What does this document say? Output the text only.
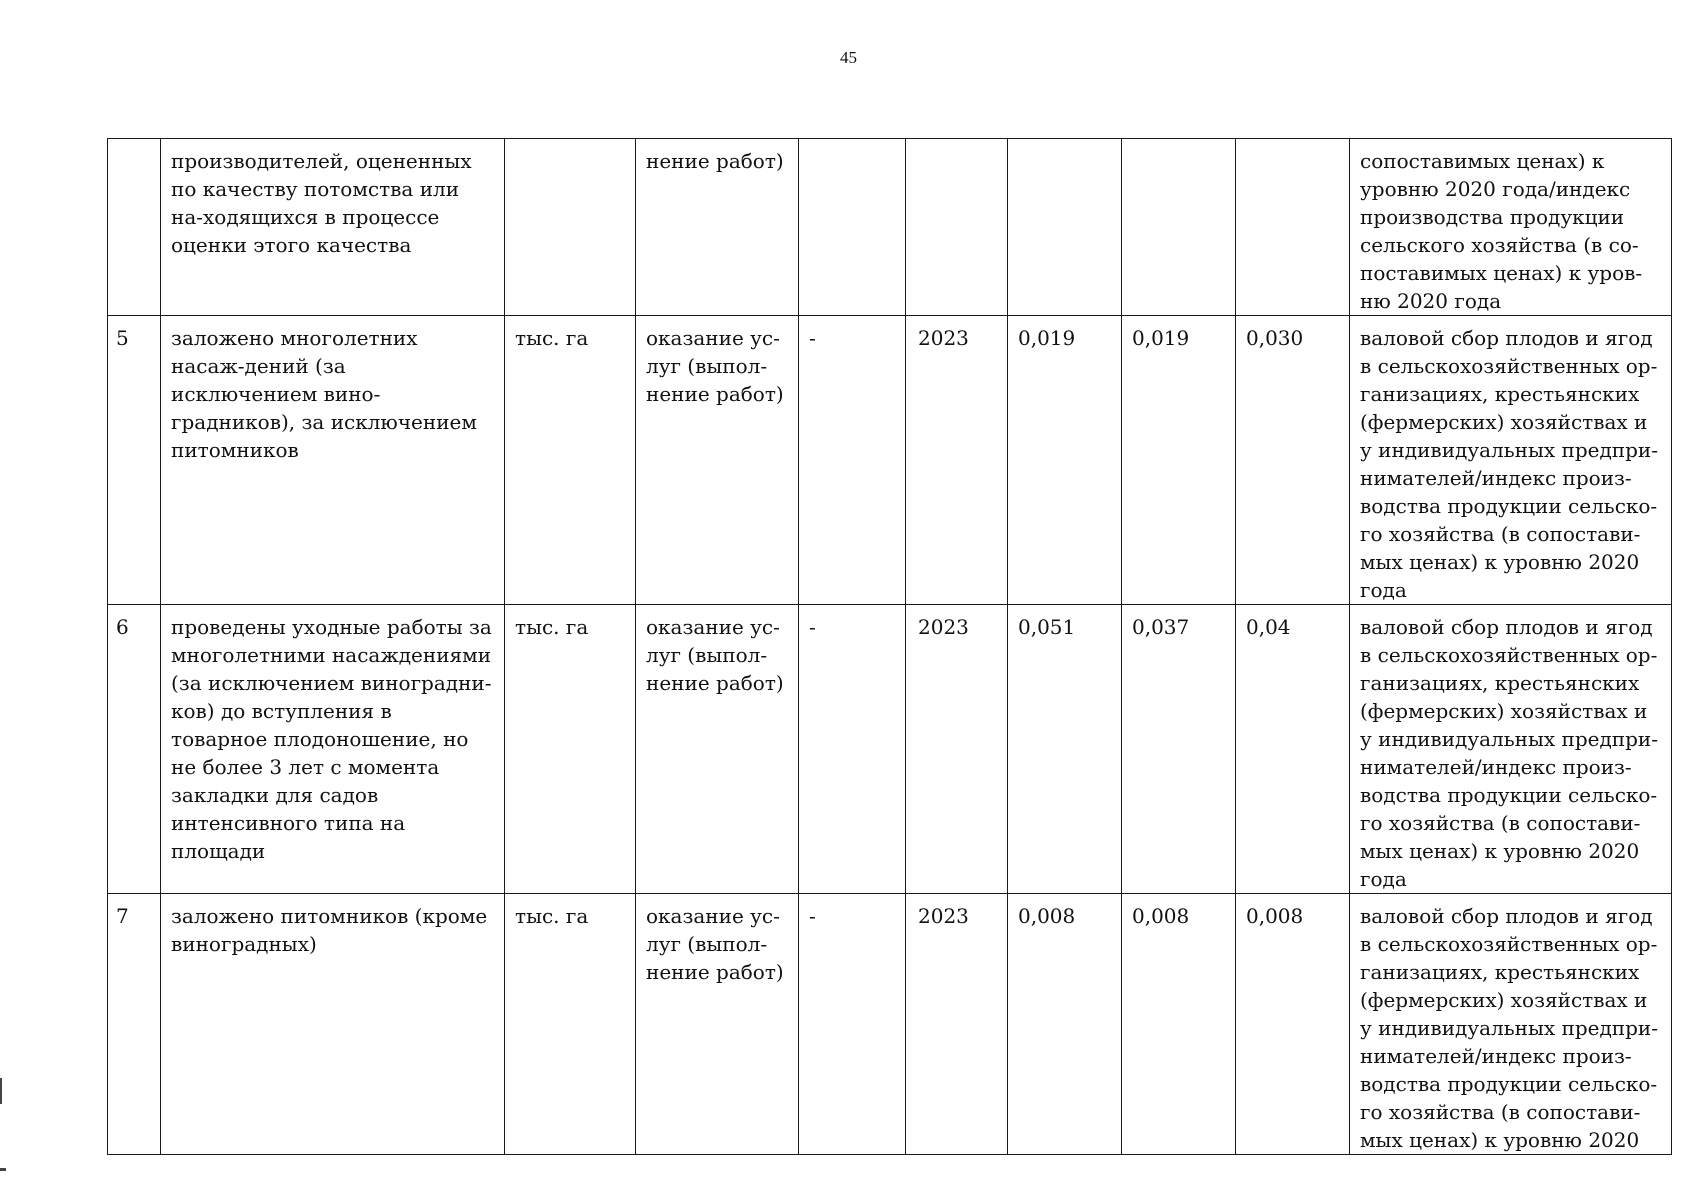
45
	производителей, оцененных по качеству потомства или на-ходящихся в процессе оценки этого качества		нение работ)						сопоставимых ценах) к уровню 2020 года/индекс производства продукции сельского хозяйства (в со-поставимых ценах) к уров-ню 2020 года
5	заложено многолетних насаж-дений (за исключением вино-градников), за исключением питомников	тыс. га	оказание ус-луг (выпол-нение работ)	-	2023	0,019	0,019	0,030	валовой сбор плодов и ягод в сельскохозяйственных ор-ганизациях, крестьянских (фермерских) хозяйствах и у индивидуальных предпри-нимателей/индекс произ-водства продукции сельско-го хозяйства (в сопостави-мых ценах) к уровню 2020 года
6	проведены уходные работы за многолетними насаждениями (за исключением виноградни-ков) до вступления в товарное плодоношение, но не более 3 лет с момента закладки для садов интенсивного типа на площади	тыс. га	оказание ус-луг (выпол-нение работ)	-	2023	0,051	0,037	0,04	валовой сбор плодов и ягод в сельскохозяйственных ор-ганизациях, крестьянских (фермерских) хозяйствах и у индивидуальных предпри-нимателей/индекс произ-водства продукции сельско-го хозяйства (в сопостави-мых ценах) к уровню 2020 года
7	заложено питомников (кроме виноградных)	тыс. га	оказание ус-луг (выпол-нение работ)	-	2023	0,008	0,008	0,008	валовой сбор плодов и ягод в сельскохозяйственных ор-ганизациях, крестьянских (фермерских) хозяйствах и у индивидуальных предпри-нимателей/индекс произ-водства продукции сельско-го хозяйства (в сопостави-мых ценах) к уровню 2020
